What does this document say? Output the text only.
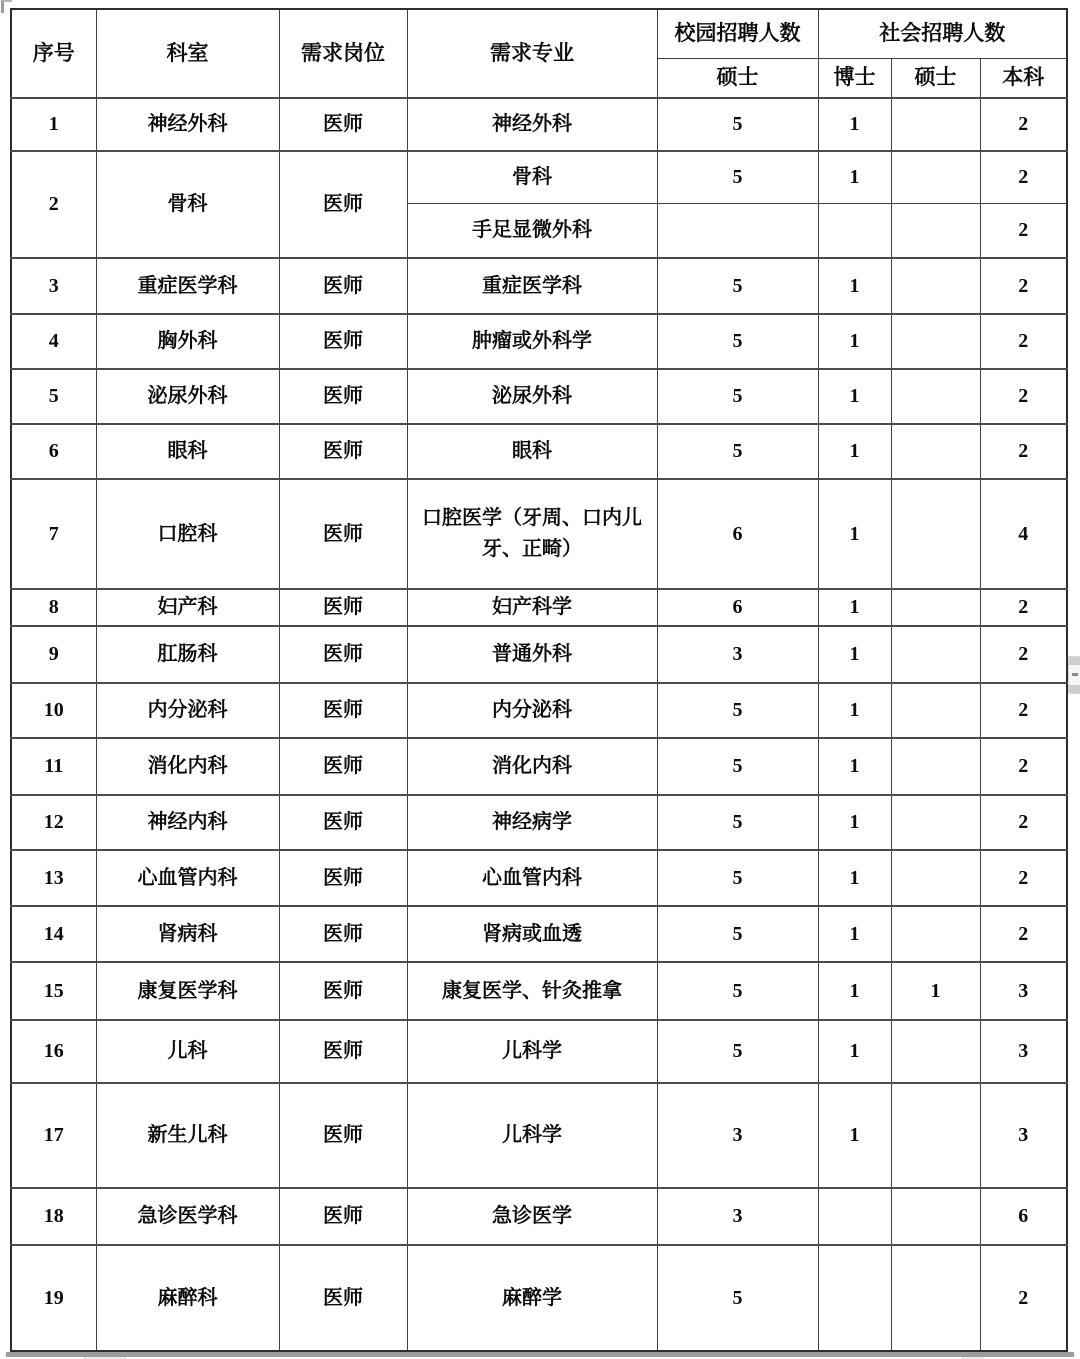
序号	科室	需求岗位	需求专业	校园招聘人数	社会招聘人数		
				硕士	博士	硕士	本科
1	神经外科	医师	神经外科	5	1		2
2	骨科	医师	骨科	5	1		2
			手足显微外科				2
3	重症医学科	医师	重症医学科	5	1		2
4	胸外科	医师	肿瘤或外科学	5	1		2
5	泌尿外科	医师	泌尿外科	5	1		2
6	眼科	医师	眼科	5	1		2
7	口腔科	医师	口腔医学（牙周、口内儿牙、正畸）	6	1		4
8	妇产科	医师	妇产科学	6	1		2
9	肛肠科	医师	普通外科	3	1		2
10	内分泌科	医师	内分泌科	5	1		2
11	消化内科	医师	消化内科	5	1		2
12	神经内科	医师	神经病学	5	1		2
13	心血管内科	医师	心血管内科	5	1		2
14	肾病科	医师	肾病或血透	5	1		2
15	康复医学科	医师	康复医学、针灸推拿	5	1	1	3
16	儿科	医师	儿科学	5	1		3
17	新生儿科	医师	儿科学	3	1		3
18	急诊医学科	医师	急诊医学	3			6
19	麻醉科	医师	麻醉学	5			2
